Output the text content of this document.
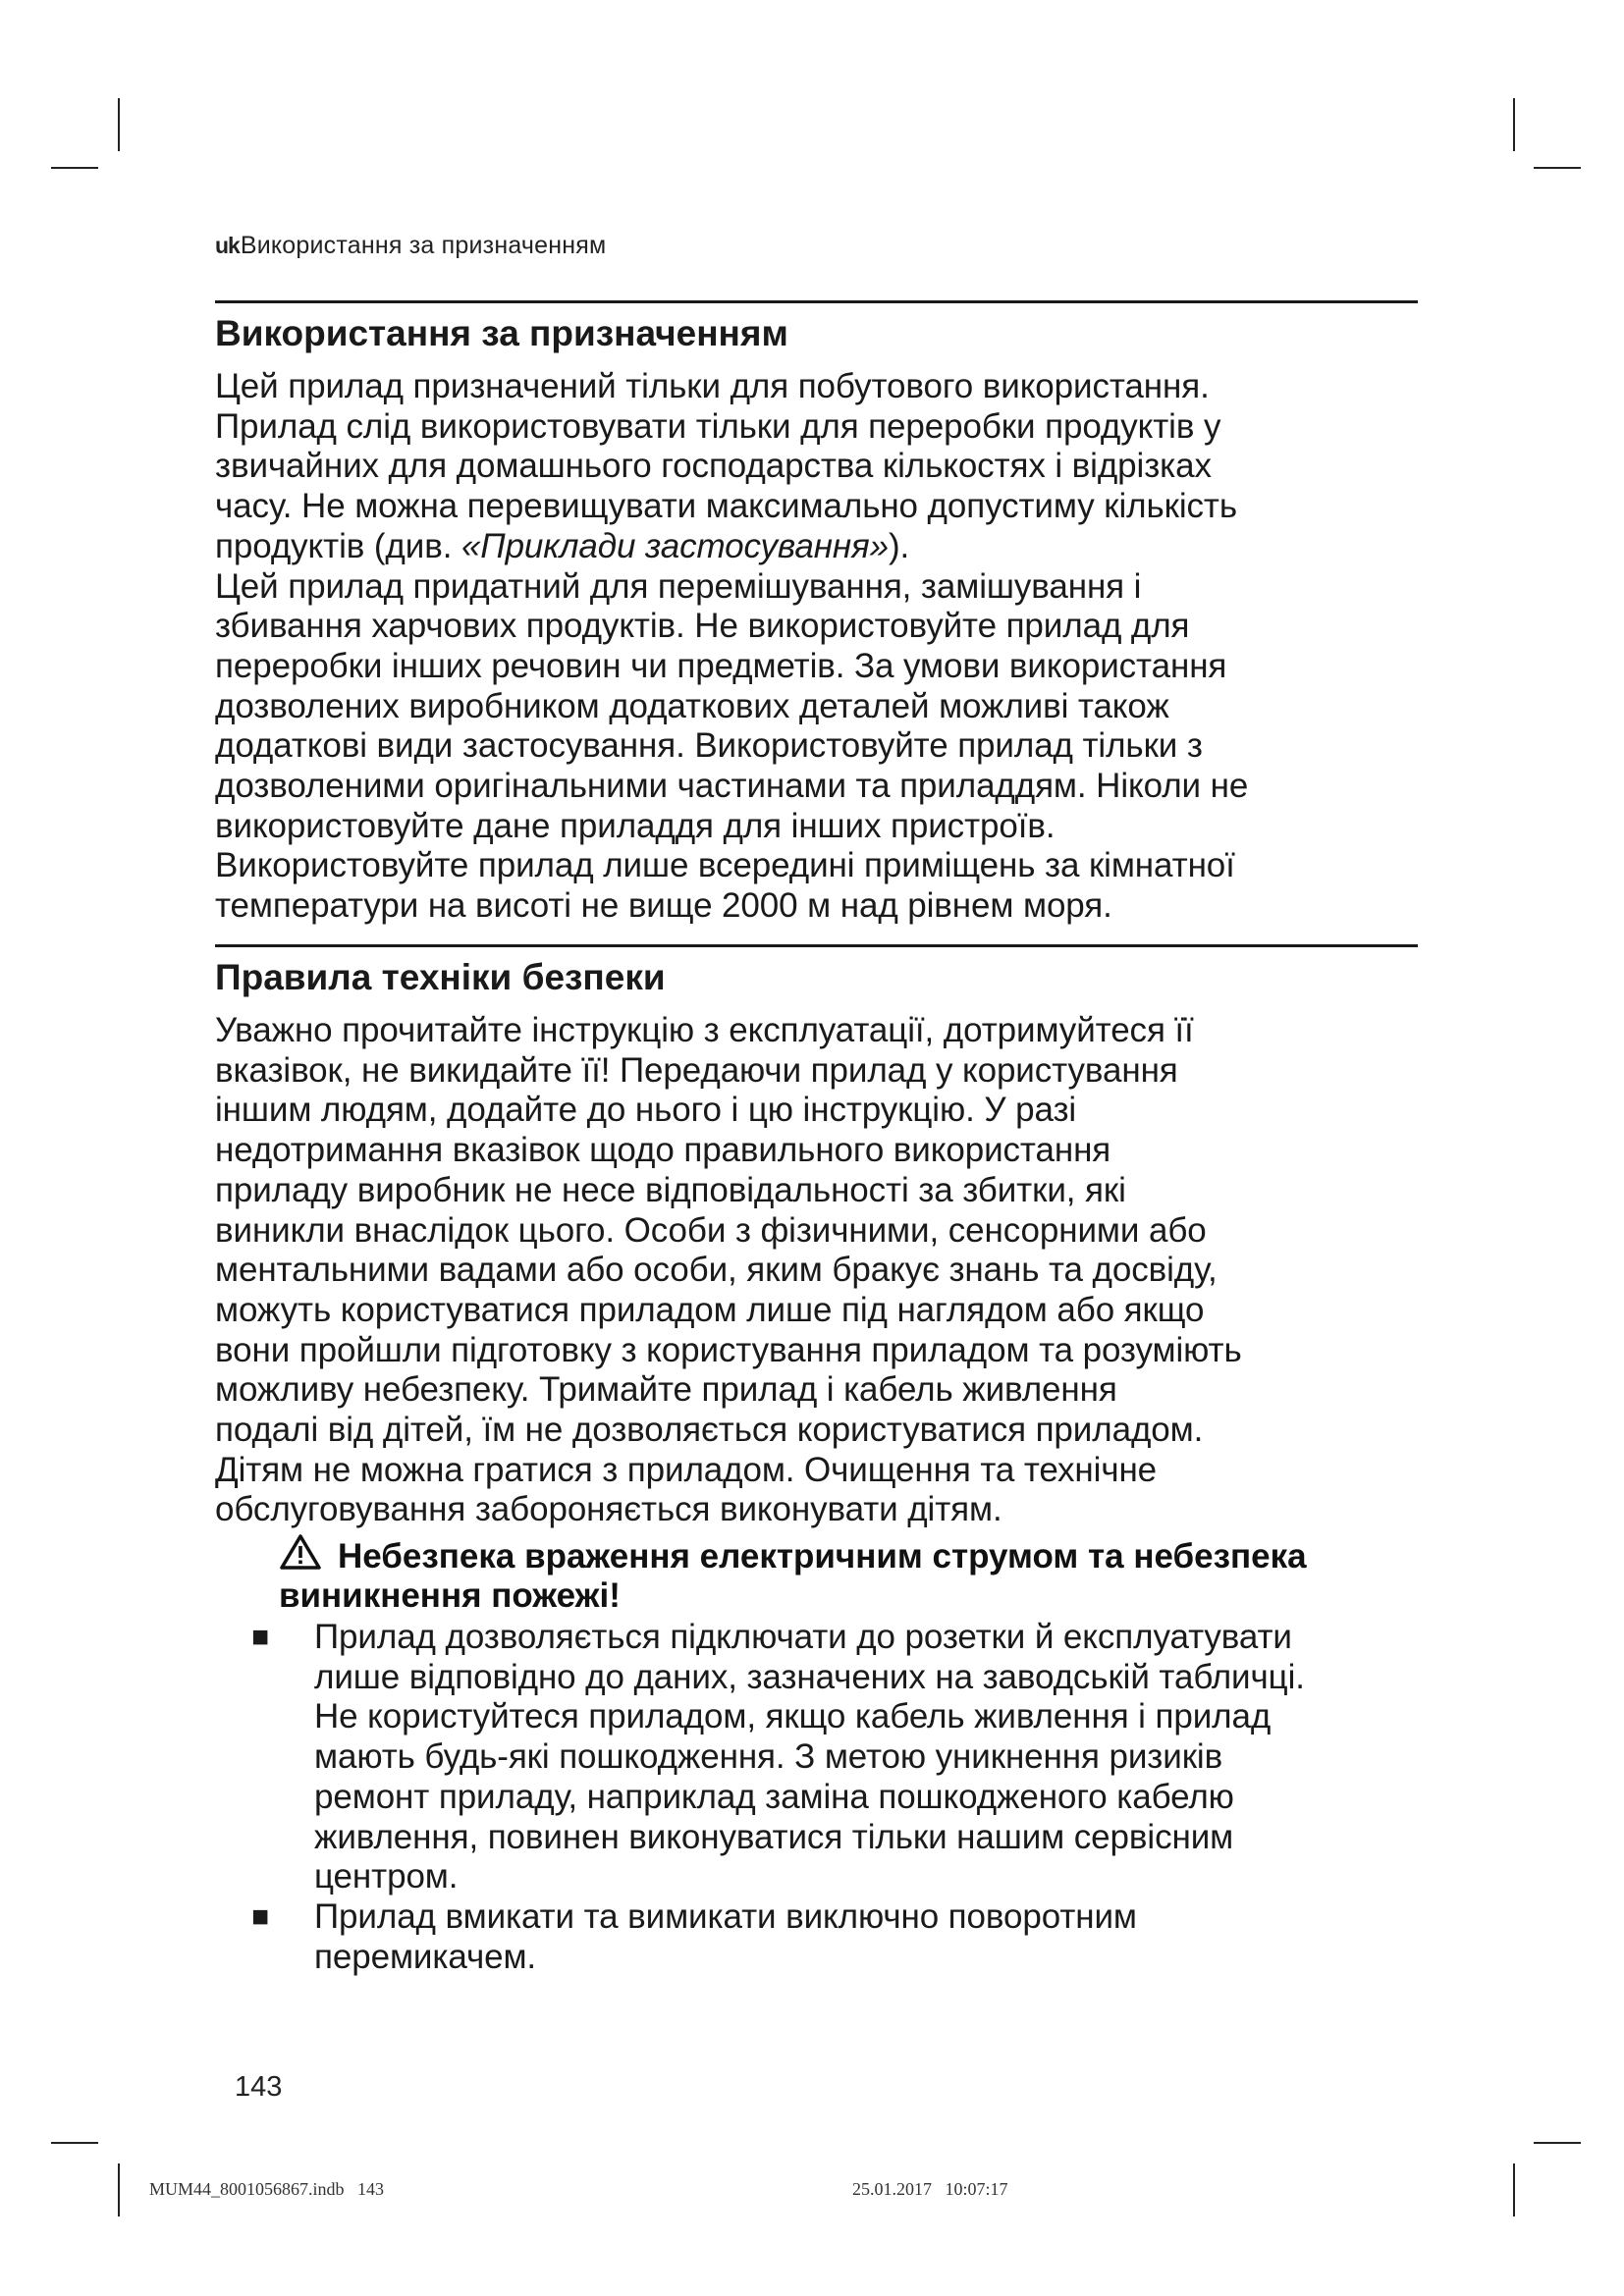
ukВикористання за призначенням
Використання за призначенням
Цей прилад призначений тільки для побутового використання.
Прилад слід використовувати тільки для переробки продуктів у
звичайних для домашнього господарства кількостях і відрізках
часу. Не можна перевищувати максимально допустиму кількість
продуктів (див. «Приклади застосування»).
Цей прилад придатний для перемішування, замішування і
збивання харчових продуктів. Не використовуйте прилад для
переробки інших речовин чи предметів. За умови використання
дозволених виробником додаткових деталей можливі також
додаткові види застосування. Використовуйте прилад тільки з
дозволеними оригінальними частинами та приладдям. Ніколи не
використовуйте дане приладдя для інших пристроїв.
Використовуйте прилад лише всередині приміщень за кімнатної
температури на висоті не вище 2000 м над рівнем моря.
Правила техніки безпеки
Уважно прочитайте інструкцію з експлуатації, дотримуйтеся її
вказівок, не викидайте її! Передаючи прилад у користування
іншим людям, додайте до нього і цю інструкцію. У разі
недотримання вказівок щодо правильного використання
приладу виробник не несе відповідальності за збитки, які
виникли внаслідок цього. Особи з фізичними, сенсорними або
ментальними вадами або особи, яким бракує знань та досвіду,
можуть користуватися приладом лише під наглядом або якщо
вони пройшли підготовку з користування приладом та розуміють
можливу небезпеку. Тримайте прилад і кабель живлення
подалі від дітей, їм не дозволяється користуватися приладом.
Дітям не можна гратися з приладом. Очищення та технічне
обслуговування забороняється виконувати дітям.
Небезпека враження електричним струмом та небезпека
виникнення пожежі!
■ Прилад дозволяється підключати до розетки й експлуатувати
лише відповідно до даних, зазначених на заводській табличці.
Не користуйтеся приладом, якщо кабель живлення і прилад
мають будь-які пошкодження. З метою уникнення ризиків
ремонт приладу, наприклад заміна пошкодженого кабелю
живлення, повинен виконуватися тільки нашим сервісним
центром.
■ Прилад вмикати та вимикати виключно поворотним
перемикачем.
143
MUM44_8001056867.indb   143                                                                                                          25.01.2017   10:07:17
